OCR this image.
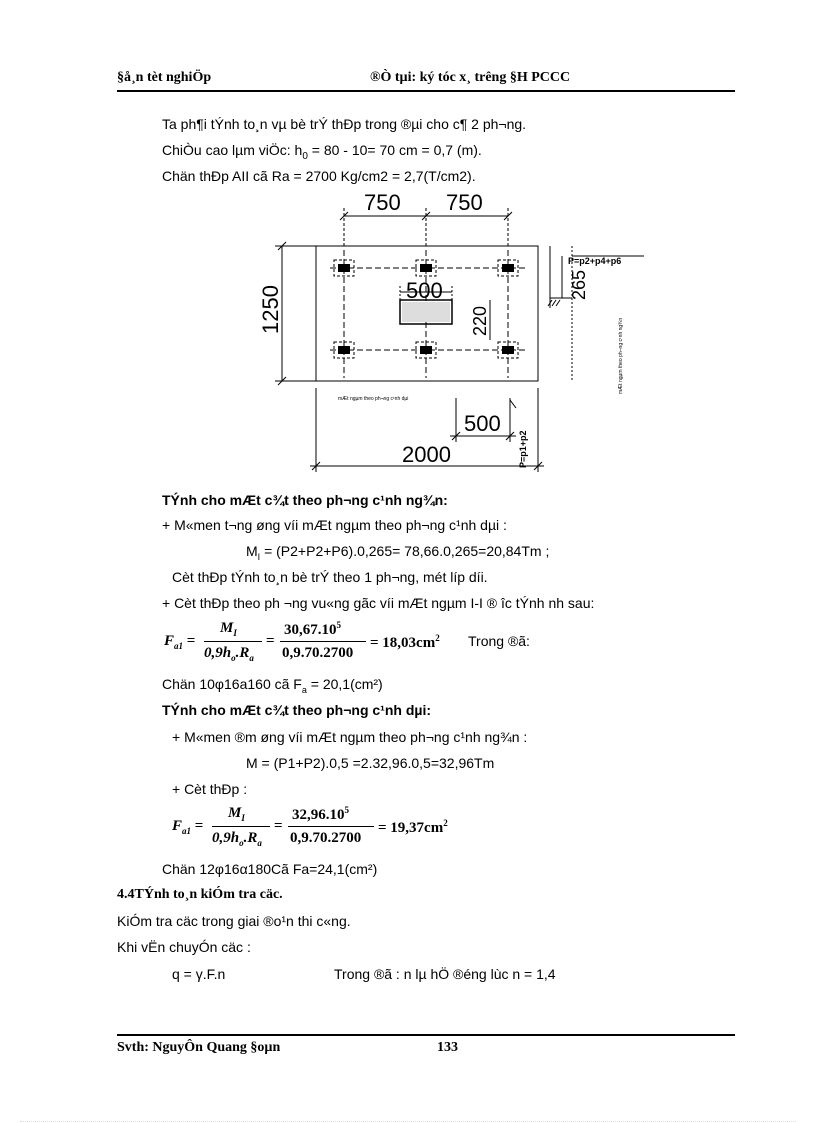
§å¸n tèt nghiÖp	®Ò tµi: ký tóc x¸ trêng §H PCCC
Ta ph¶i tÝnh to¸n vµ bè trÝ thÐp trong ®µi cho c¶ 2 ph¬ng.
ChiÒu cao lµm viÖc: $h_0 = 80 - 10= 70$ cm = 0,7 (m).
Chän thÐp AII cã Ra = 2700 Kg/cm2 = 2,7(T/cm2).
750 750
1250	500
220
265
500
2000
P=p2+p4+p6
mÆt ngµm theo ph¬ng c¹nh ng¾n
mÆt ngµm theo ph¬ng c¹nh dµi
P=p1+p2
TÝnh cho mÆt c¾t theo ph¬ng c¹nh ng¾n:
+ M«men t¬ng øng víi mÆt ngµm theo ph¬ng c¹nh dµi :
$M_I = (P2+P2+P6).0,265= 78,66.0,265=20,84Tm$ ;
Cèt thÐp tÝnh to¸n bè trÝ theo 1 ph¬ng, mét líp díi.
+ Cèt thÐp theo ph ¬ng vu«ng gãc víi mÆt ngµm I-I ® îc tÝnh nh sau:
$F_{a1}$ =
$M_I$
$0,9h_o.R_a$
=
$30,67.10^5$
0,9.70.2700
= $18,03cm^2$ Trong ®ã:
Chän 10φ16a160 cã $F_a = 20,1(cm^2)$
TÝnh cho mÆt c¾t theo ph¬ng c¹nh dµi:
+ M«men ®m øng víi mÆt ngµm theo ph¬ng c¹nh ng¾n :
M = (P1+P2).0,5 =2.32,96.0,5=32,96Tm
+ Cèt thÐp :
$F_{a1}$ =
$M_I$
$0,9h_o.R_a$
=
$32,96.10^5$
0,9.70.2700
= $19,37cm^2$
Chän 12φ16α180Cã Fa=24,1(cm²)
4.4TÝnh to¸n kiÓm tra cäc.
KiÓm tra cäc trong giai ®o¹n thi c«ng.
Khi vËn chuyÓn cäc :
q = γ.F.n	Trong ®ã : n lµ hÖ ®éng lùc n = 1,4
Svth: NguyÔn Quang §oµn	133
